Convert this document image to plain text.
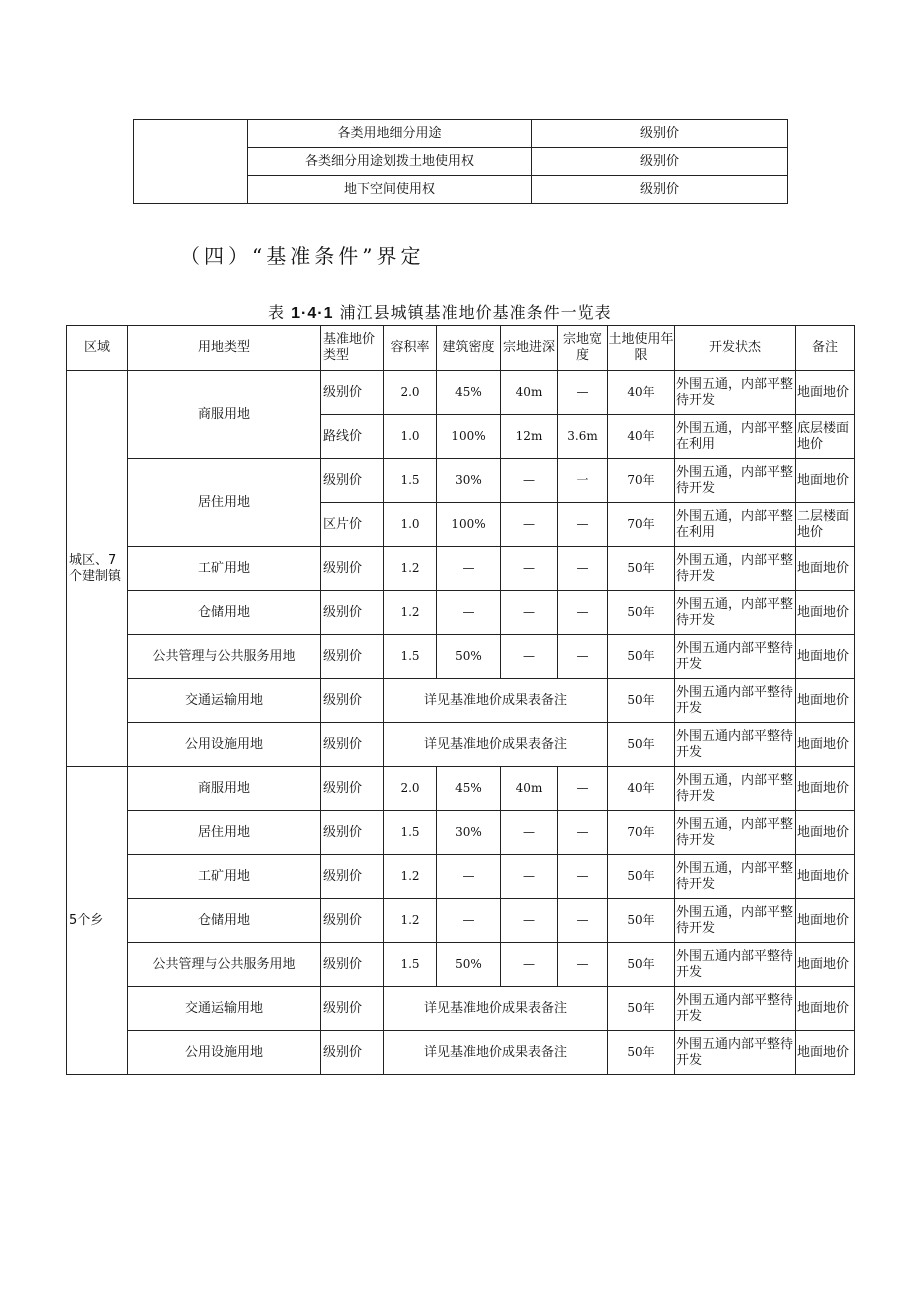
	各类用地细分用途	级别价
	各类细分用途划拨土地使用权	级别价
	地下空间使用权	级别价
（四）“基准条件”界定
表 1·4·1 浦江县城镇基准地价基准条件一览表
区域	用地类型	基准地价类型	容积率	建筑密度	宗地进深	宗地宽度	土地使用年限	开发状杰	备注
城区、7个建制镇	商服用地	级别价	2.0	45%	40m	—	40年	外围五通，内部平整待开发	地面地价
		路线价	1.0	100%	12m	3.6m	40年	外围五通，内部平整在利用	底层楼面地价
	居住用地	级别价	1.5	30%	—	一	70年	外围五通，内部平整待开发	地面地价
		区片价	1.0	100%	—	—	70年	外围五通，内部平整在利用	二层楼面地价
	工矿用地	级别价	1.2	—	—	—	50年	外围五通，内部平整待开发	地面地价
	仓储用地	级别价	1.2	—	—	—	50年	外围五通，内部平整待开发	地面地价
	公共管理与公共服务用地	级别价	1.5	50%	—	—	50年	外围五通内部平整待开发	地面地价
	交通运输用地	级别价	详见基准地价成果表备注				50年	外围五通内部平整待开发	地面地价
	公用设施用地	级别价	详见基准地价成果表备注				50年	外围五通内部平整待开发	地面地价
5个乡	商服用地	级别价	2.0	45%	40m	—	40年	外围五通，内部平整待开发	地面地价
	居住用地	级别价	1.5	30%	—	—	70年	外围五通，内部平整待开发	地面地价
	工矿用地	级别价	1.2	—	—	—	50年	外围五通，内部平整待开发	地面地价
	仓储用地	级别价	1.2	—	—	—	50年	外围五通，内部平整待开发	地面地价
	公共管理与公共服务用地	级别价	1.5	50%	—	—	50年	外围五通内部平整待开发	地面地价
	交通运输用地	级别价	详见基准地价成果表备注				50年	外围五通内部平整待开发	地面地价
	公用设施用地	级别价	详见基准地价成果表备注				50年	外围五通内部平整待开发	地面地价
